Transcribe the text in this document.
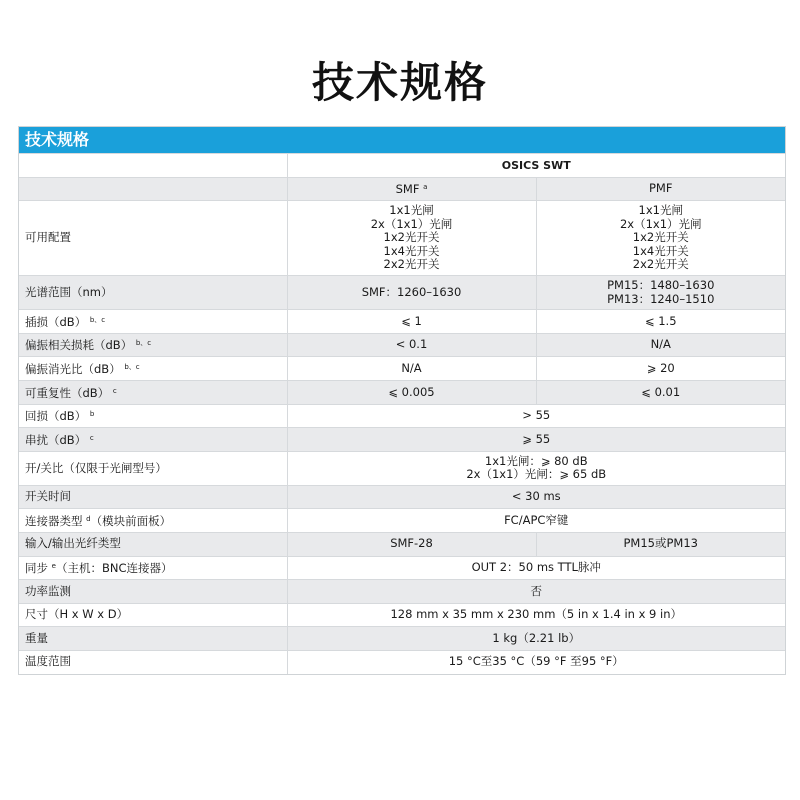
技术规格
技术规格
	OSICS SWT	
	SMF $^a$	PMF
可用配置	1x1光闸
2x（1x1）光闸
1x2光开关
1x4光开关
2x2光开关	1x1光闸
2x（1x1）光闸
1x2光开关
1x4光开关
2x2光开关

光谱范围（nm）	SMF：1260–1630	PM15：1480–1630
PM13：1240–1510

插损（dB） $^{b、c}$	⩽ 1	⩽ 1.5
偏振相关损耗（dB） $^{b、c}$	< 0.1	N/A
偏振消光比（dB） $^{b、c}$	N/A	⩾ 20
可重复性（dB） $^c$	⩽ 0.005	⩽ 0.01
回损（dB） $^b$	> 55	
串扰（dB） $^c$	⩾ 55	
开/关比（仅限于光闸型号）	1x1光闸：⩾ 80 dB
2x（1x1）光闸：⩾ 65 dB	

开关时间	< 30 ms	
连接器类型 $^d$（模块前面板）	FC/APC窄键	
输入/输出光纤类型	SMF-28	PM15或PM13
同步 $^e$（主机：BNC连接器）	OUT 2：50 ms TTL脉冲	
功率监测	否	
尺寸（H x W x D）	128 mm x 35 mm x 230 mm（5 in x 1.4 in x 9 in）	
重量	1 kg（2.21 lb）	
温度范围	15 °C至35 °C（59 °F 至95 °F）	
